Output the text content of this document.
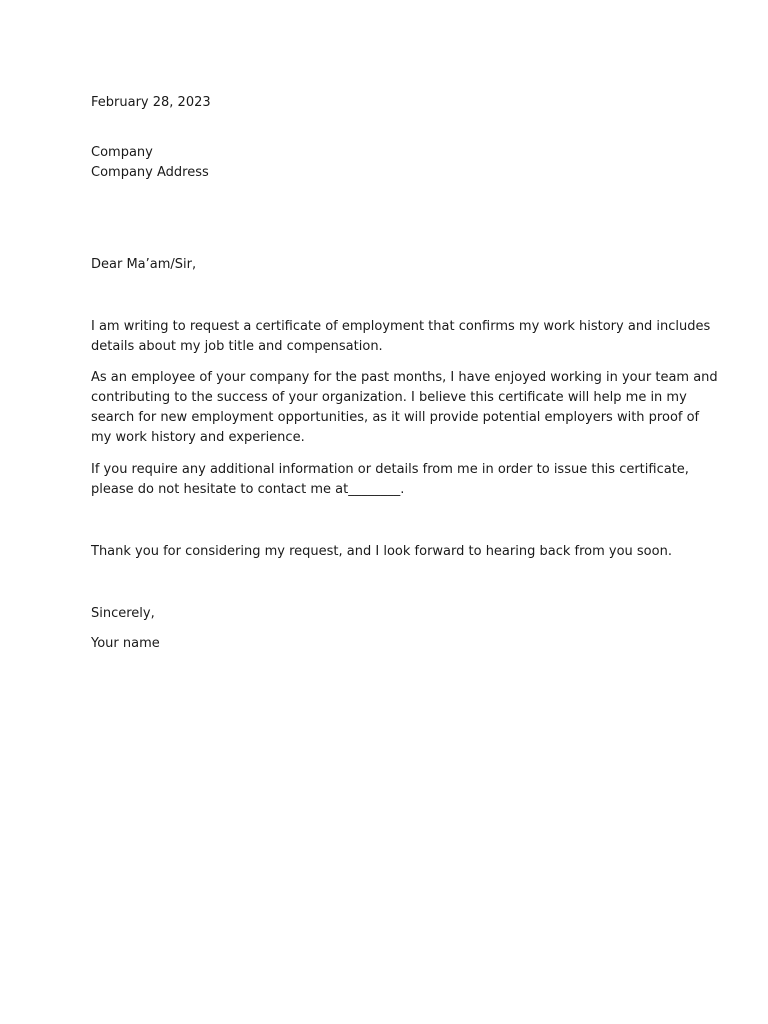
February 28, 2023

Company

Company Address

Dear Ma’am/Sir,

I am writing to request a certificate of employment that confirms my work history and includes
details about my job title and compensation.
As an employee of your company for the past months, I have enjoyed working in your team and
contributing to the success of your organization. I believe this certificate will help me in my
search for new employment opportunities, as it will provide potential employers with proof of
my work history and experience.
If you require any additional information or details from me in order to issue this certificate,
please do not hesitate to contact me at________.
Thank you for considering my request, and I look forward to hearing back from you soon.

Sincerely,

Your name
